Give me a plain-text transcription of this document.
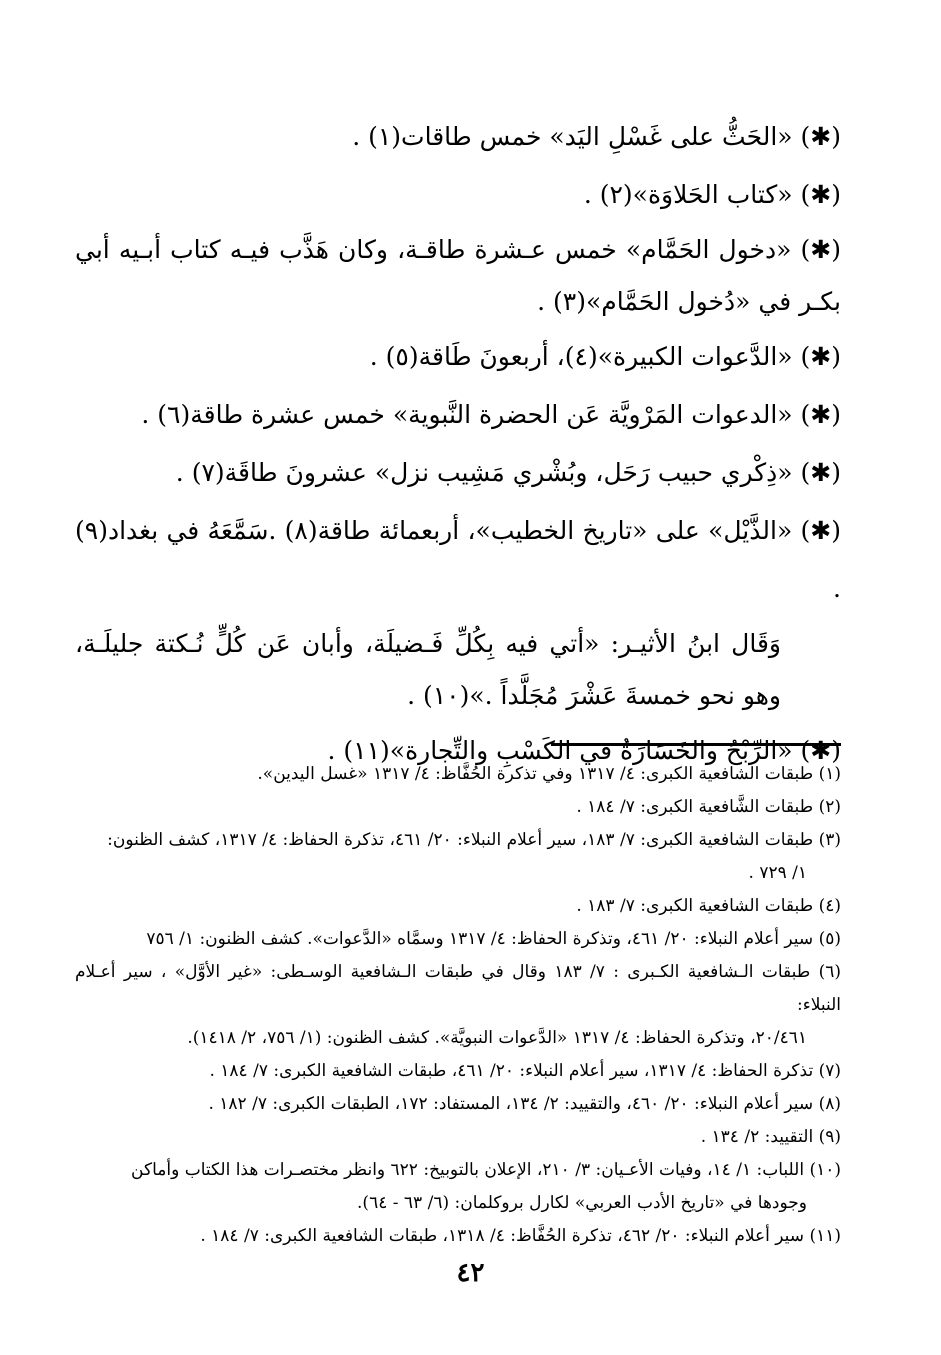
(✱) «الحَثُّ على غَسْلِ اليَد» خمس طاقات(١) .

(✱) «كتاب الحَلاوَة»(٢) .

(✱) «دخول الحَمَّام» خمس عـشرة طاقـة، وكان هَذَّب فيـه كتاب أبـيه أبي بكـر في «دُخول الحَمَّام»(٣) .

(✱) «الدَّعوات الكبيرة»(٤)، أربعونَ طَاقة(٥) .

(✱) «الدعوات المَرْويَّة عَن الحضرة النَّبوية» خمس عشرة طاقة(٦) .

(✱) «ذِكْري حبيب رَحَل، وبُشْري مَشِيب نزل» عشرونَ طاقَة(٧) .

(✱) «الذَّيْل» على «تاريخ الخطيب»، أربعمائة طاقة(٨) .سَمَّعَهُ في بغداد(٩) .

وَقَال ابنُ الأثيـر: «أتي فيه بِكُلِّ فَـضيلَة، وأبان عَن كُلٍّ نُـكتة جليلَـة، وهو نحو خمسةَ عَشْرَ مُجَلَّداً .»(١٠) .

(✱) «الرِّبْحُ والخَسَارَةُ في الكَسْبِ والتِّجارة»(١١) .

(١) طبقات الشافعية الكبرى: ٤/ ١٣١٧ وفي تذكرة الحُفَّاظ: ٤/ ١٣١٧ «غسل اليدين».

(٢) طبقات الشَّافعية الكبرى: ٧/ ١٨٤ .

(٣) طبقات الشافعية الكبرى: ٧/ ١٨٣، سير أعلام النبلاء: ٢٠/ ٤٦١، تذكرة الحفاظ: ٤/ ١٣١٧، كشف الظنون:
١/ ٧٢٩ .

(٤) طبقات الشافعية الكبرى: ٧/ ١٨٣ .

(٥) سير أعلام النبلاء: ٢٠/ ٤٦١، وتذكرة الحفاظ: ٤/ ١٣١٧ وسمَّاه «الدَّعوات». كشف الظنون: ١/ ٧٥٦

(٦) طبقات الـشافعية الكـبرى : ٧/ ١٨٣ وقال في طبقات الـشافعية الوسـطى: «غير الأوَّل» ، سير أعـلام النبلاء:
٢٠/٤٦١، وتذكرة الحفاظ: ٤/ ١٣١٧ «الدَّعوات النبويَّة». كشف الظنون: (١/ ٧٥٦، ٢/ ١٤١٨).

(٧) تذكرة الحفاظ: ٤/ ١٣١٧، سير أعلام النبلاء: ٢٠/ ٤٦١، طبقات الشافعية الكبرى: ٧/ ١٨٤ .

(٨) سير أعلام النبلاء: ٢٠/ ٤٦٠، والتقييد: ٢/ ١٣٤، المستفاد: ١٧٢، الطبقات الكبرى: ٧/ ١٨٢ .

(٩) التقييد: ٢/ ١٣٤ .

(١٠) اللباب: ١/ ١٤، وفيات الأعـيان: ٣/ ٢١٠، الإعلان بالتوبيخ: ٦٢٢ وانظر مختصـرات هذا الكتاب وأماكن
وجودها في «تاريخ الأدب العربي» لكارل بروكلمان: (٦/ ٦٣ - ٦٤).

(١١) سير أعلام النبلاء: ٢٠/ ٤٦٢، تذكرة الحُفَّاظ: ٤/ ١٣١٨، طبقات الشافعية الكبرى: ٧/ ١٨٤ .

٤٢
